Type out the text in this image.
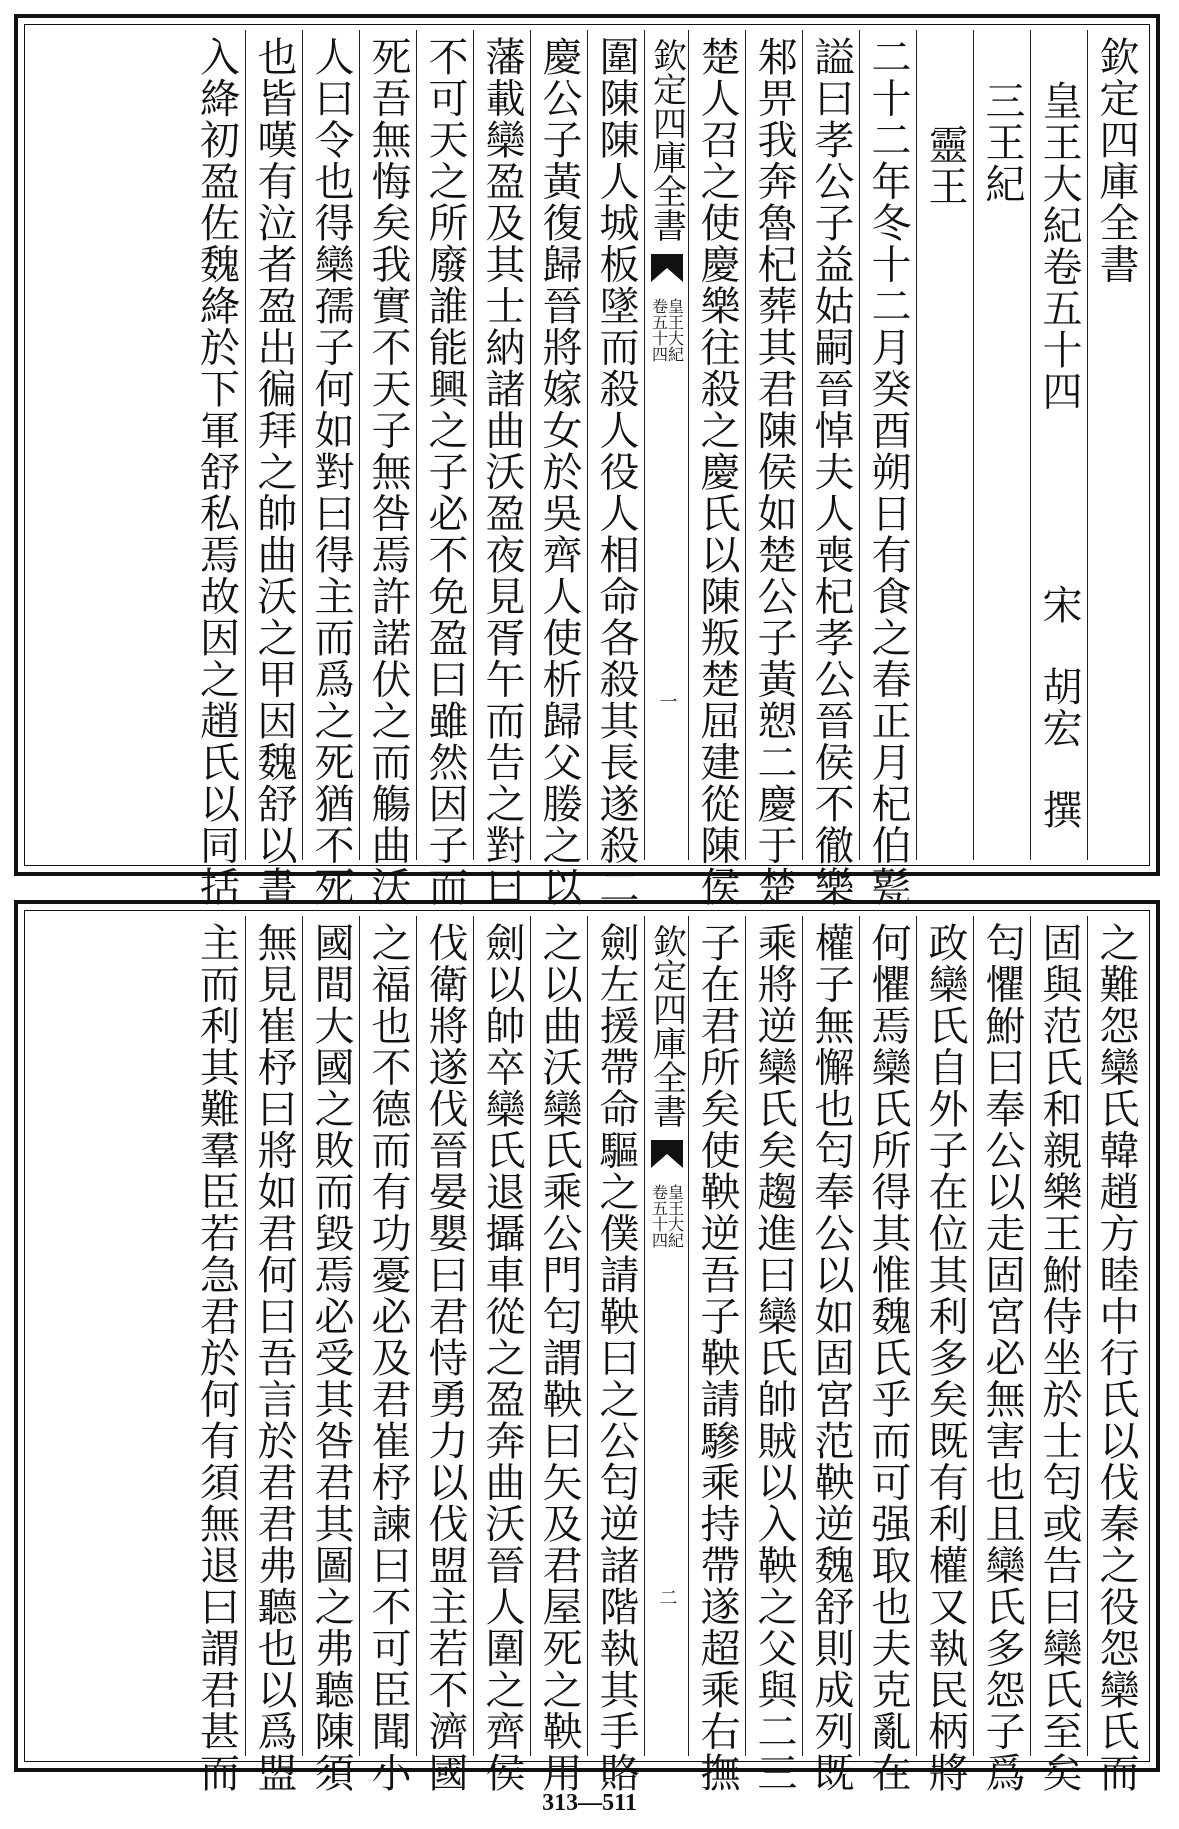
欽定四庫全書
皇王大紀卷五十四
宋
胡宏
撰
三王紀
靈王
二十二年冬十二月癸酉朔日有食之春正月杞伯甏
謚曰孝公子益姑嗣晉悼夫人喪杞孝公晉侯不徹樂
邾畀我奔魯杞葬其君陳侯如楚公子黃愬二慶于楚
楚人召之使慶樂往殺之慶氏以陳叛楚屈建從陳侯
欽定四庫全書
皇王大紀
卷五十四
一
圍陳陳人城板墜而殺人役人相命各殺其長遂殺二
慶公子黃復歸晉將嫁女於吳齊人使析歸父媵之以
藩載欒盈及其士納諸曲沃盈夜見胥午而告之對曰
不可天之所廢誰能興之子必不免盈曰雖然因子而
死吾無悔矣我實不天子無咎焉許諾伏之而觴曲沃
人曰令也得欒孺子何如對曰得主而爲之死猶不死
也皆嘆有泣者盈出徧拜之帥曲沃之甲因魏舒以晝
入絳初盈佐魏絳於下軍舒私焉故因之趙氏以同括
之難怨欒氏韓趙方睦中行氏以伐秦之役怨欒氏而
固與范氏和親樂王鮒侍坐於士匄或告曰欒氏至矣
匄懼鮒曰奉公以走固宮必無害也且欒氏多怨子爲
政欒氏自外子在位其利多矣既有利權又執民柄將
何懼焉欒氏所得其惟魏氏乎而可强取也夫克亂在
權子無懈也匄奉公以如固宮范鞅逆魏舒則成列既
乘將逆欒氏矣趨進曰欒氏帥賊以入鞅之父與二三
子在君所矣使鞅逆吾子鞅請驂乘持帶遂超乘右撫
欽定四庫全書
皇王大紀
卷五十四
二
劍左援帶命驅之僕請鞅曰之公匄逆諸階執其手賂
之以曲沃欒氏乘公門匄謂鞅曰矢及君屋死之鞅用
劍以帥卒欒氏退攝車從之盈奔曲沃晉人圍之齊侯
伐衛將遂伐晉晏嬰曰君恃勇力以伐盟主若不濟國
之福也不德而有功憂必及君崔杼諫曰不可臣聞小
國間大國之敗而毀焉必受其咎君其圖之弗聽陳須
無見崔杼曰將如君何曰吾言於君君弗聽也以爲盟
主而利其難羣臣若急君於何有須無退曰謂君甚而
313—511
